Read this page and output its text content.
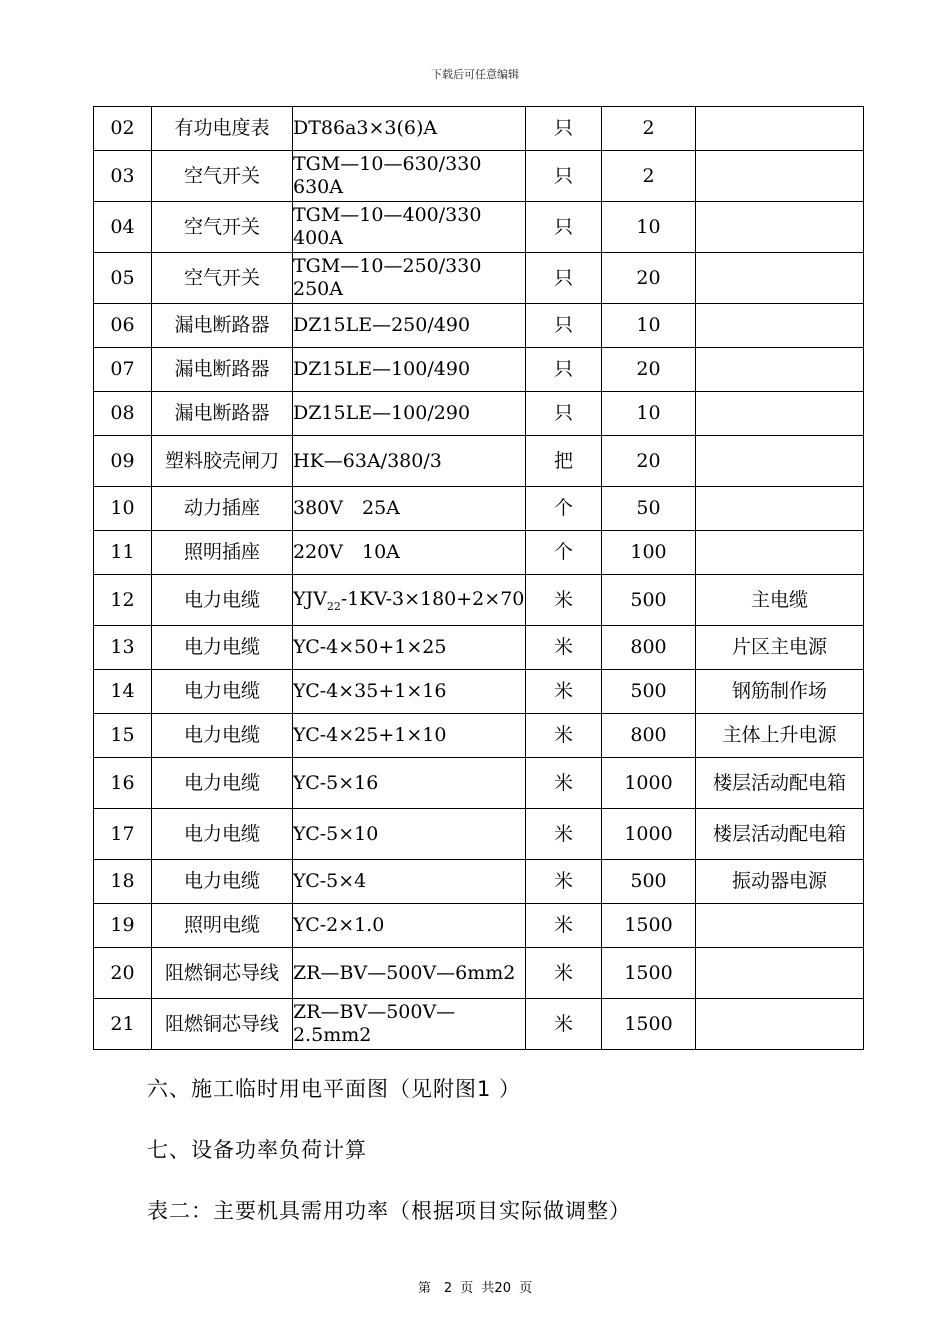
下载后可任意编辑
02	有功电度表	DT86a3×3(6)A	只	2	
03	空气开关	TGM—10—630/330 630A	只	2	
04	空气开关	TGM—10—400/330 400A	只	10	
05	空气开关	TGM—10—250/330 250A	只	20	
06	漏电断路器	DZ15LE—250/490	只	10	
07	漏电断路器	DZ15LE—100/490	只	20	
08	漏电断路器	DZ15LE—100/290	只	10	
09	塑料胶壳闸刀	HK—63A/380/3	把	20	
10	动力插座	380V　25A	个	50	
11	照明插座	220V　10A	个	100	
12	电力电缆	$YJV_{22}-1KV-3\times 180+2\times 70$	米	500	主电缆
13	电力电缆	YC-4×50+1×25	米	800	片区主电源
14	电力电缆	YC-4×35+1×16	米	500	钢筋制作场
15	电力电缆	YC-4×25+1×10	米	800	主体上升电源
16	电力电缆	YC-5×16	米	1000	楼层活动配电箱
17	电力电缆	YC-5×10	米	1000	楼层活动配电箱
18	电力电缆	YC-5×4	米	500	振动器电源
19	照明电缆	YC-2×1.0	米	1500	
20	阻燃铜芯导线	ZR—BV—500V—6mm2	米	1500	
21	阻燃铜芯导线	ZR—BV—500V—2.5mm2	米	1500	
六、施工临时用电平面图（见附图1 ）
七、设备功率负荷计算
表二：主要机具需用功率（根据项目实际做调整）
第　2 页 共20 页
